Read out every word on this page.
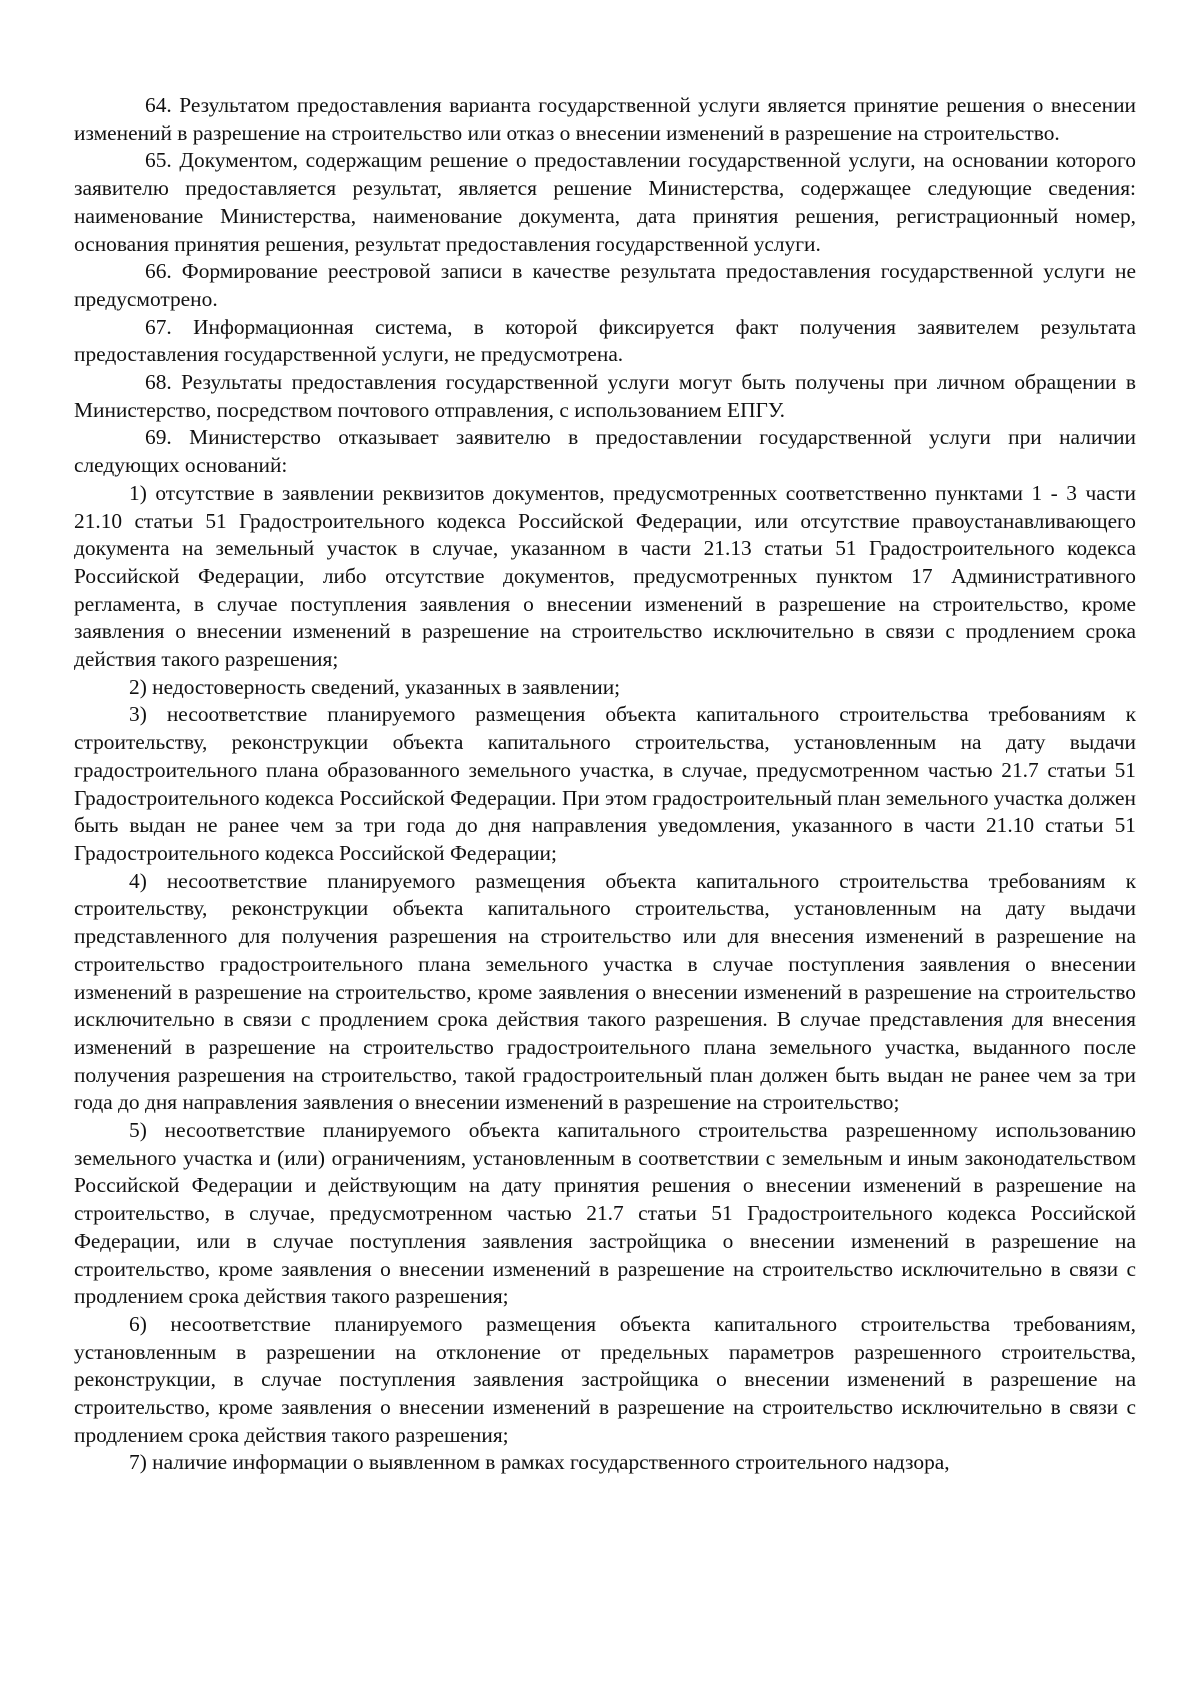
64. Результатом предоставления варианта государственной услуги является принятие решения о внесении изменений в разрешение на строительство или отказ о внесении изменений в разрешение на строительство.

65. Документом, содержащим решение о предоставлении государственной услуги, на основании которого заявителю предоставляется результат, является решение Министерства, содержащее следующие сведения: наименование Министерства, наименование документа, дата принятия решения, регистрационный номер, основания принятия решения, результат предоставления государственной услуги.

66. Формирование реестровой записи в качестве результата предоставления государственной услуги не предусмотрено.

67. Информационная система, в которой фиксируется факт получения заявителем результата предоставления государственной услуги, не предусмотрена.

68. Результаты предоставления государственной услуги могут быть получены при личном обращении в Министерство, посредством почтового отправления, с использованием ЕПГУ.

69. Министерство отказывает заявителю в предоставлении государственной услуги при наличии следующих оснований:

1) отсутствие в заявлении реквизитов документов, предусмотренных соответственно пунктами 1 - 3 части 21.10 статьи 51 Градостроительного кодекса Российской Федерации, или отсутствие правоустанавливающего документа на земельный участок в случае, указанном в части 21.13 статьи 51 Градостроительного кодекса Российской Федерации, либо отсутствие документов, предусмотренных пунктом 17 Административного регламента, в случае поступления заявления о внесении изменений в разрешение на строительство, кроме заявления о внесении изменений в разрешение на строительство исключительно в связи с продлением срока действия такого разрешения;

2) недостоверность сведений, указанных в заявлении;

3) несоответствие планируемого размещения объекта капитального строительства требованиям к строительству, реконструкции объекта капитального строительства, установленным на дату выдачи градостроительного плана образованного земельного участка, в случае, предусмотренном частью 21.7 статьи 51 Градостроительного кодекса Российской Федерации. При этом градостроительный план земельного участка должен быть выдан не ранее чем за три года до дня направления уведомления, указанного в части 21.10 статьи 51 Градостроительного кодекса Российской Федерации;

4) несоответствие планируемого размещения объекта капитального строительства требованиям к строительству, реконструкции объекта капитального строительства, установленным на дату выдачи представленного для получения разрешения на строительство или для внесения изменений в разрешение на строительство градостроительного плана земельного участка в случае поступления заявления о внесении изменений в разрешение на строительство, кроме заявления о внесении изменений в разрешение на строительство исключительно в связи с продлением срока действия такого разрешения. В случае представления для внесения изменений в разрешение на строительство градостроительного плана земельного участка, выданного после получения разрешения на строительство, такой градостроительный план должен быть выдан не ранее чем за три года до дня направления заявления о внесении изменений в разрешение на строительство;

5) несоответствие планируемого объекта капитального строительства разрешенному использованию земельного участка и (или) ограничениям, установленным в соответствии с земельным и иным законодательством Российской Федерации и действующим на дату принятия решения о внесении изменений в разрешение на строительство, в случае, предусмотренном частью 21.7 статьи 51 Градостроительного кодекса Российской Федерации, или в случае поступления заявления застройщика о внесении изменений в разрешение на строительство, кроме заявления о внесении изменений в разрешение на строительство исключительно в связи с продлением срока действия такого разрешения;

6) несоответствие планируемого размещения объекта капитального строительства требованиям, установленным в разрешении на отклонение от предельных параметров разрешенного строительства, реконструкции, в случае поступления заявления застройщика о внесении изменений в разрешение на строительство, кроме заявления о внесении изменений в разрешение на строительство исключительно в связи с продлением срока действия такого разрешения;

7) наличие информации о выявленном в рамках государственного строительного надзора,
